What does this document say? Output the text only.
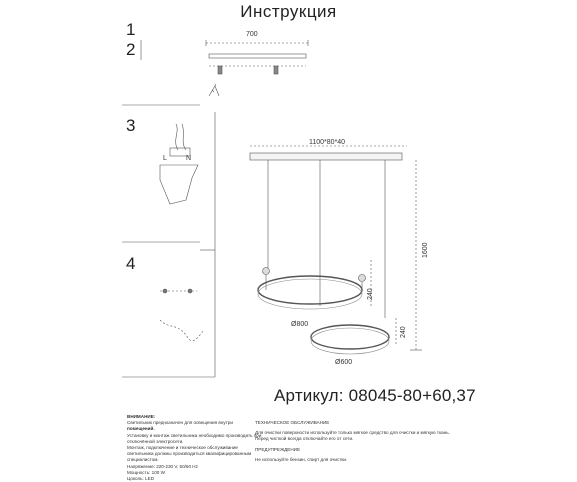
Инструкция
1
2
3
4
700
1100*80*40
1600
240
240
Ø800
Ø600
L	N
Артикул: 08045-80+60,37
ВНИМАНИЕ:
Светильник предназначен для освещения внутри
помещений.
Установку и монтаж светильника необходимо производить при
отключённой электросети.
Монтаж, подключение и техническое обслуживание
светильника должны производиться квалифицированным
специалистом.
Напряжение: 220-230 V, 50/60 Hz
Мощность: 100 W
Цоколь: LED
ТЕХНИЧЕСКОЕ ОБСЛУЖИВАНИЕ
Для очистки поверхности используйте только мягкое средство для очистки и мягкую ткань.
Перед чисткой всегда отключайте его от сети.
ПРЕДУПРЕЖДЕНИЕ
Не используйте бензин, спирт для очистки.
